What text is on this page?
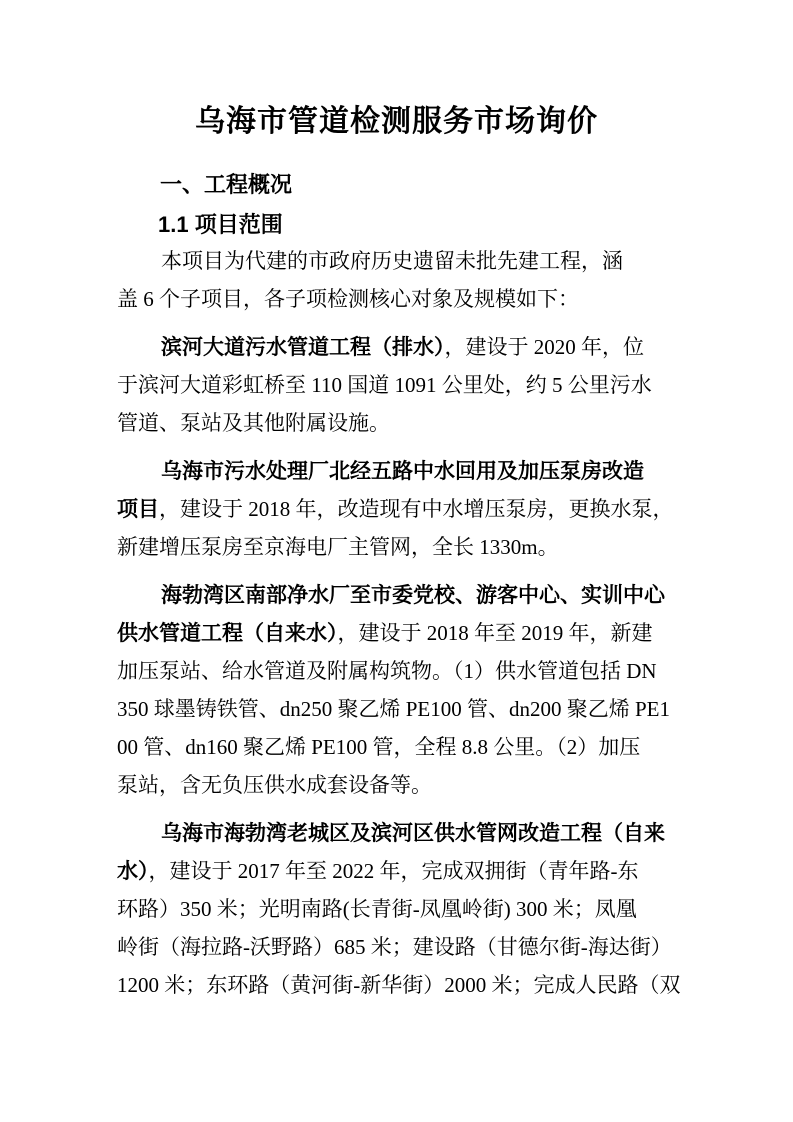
乌海市管道检测服务市场询价
一、工程概况
1.1 项目范围

本项目为代建的市政府历史遗留未批先建工程，涵
盖 6 个子项目，各子项检测核心对象及规模如下：

滨河大道污水管道工程（排水），建设于 2020 年，位
于滨河大道彩虹桥至 110 国道 1091 公里处，约 5 公里污水
管道、泵站及其他附属设施。

乌海市污水处理厂北经五路中水回用及加压泵房改造
项目，建设于 2018 年，改造现有中水增压泵房，更换水泵，
新建增压泵房至京海电厂主管网，全长 1330m。

海勃湾区南部净水厂至市委党校、游客中心、实训中心
供水管道工程（自来水），建设于 2018 年至 2019 年，新建
加压泵站、给水管道及附属构筑物。（1）供水管道包括 DN
350 球墨铸铁管、dn250 聚乙烯 PE100 管、dn200 聚乙烯 PE1
00 管、dn160 聚乙烯 PE100 管，全程 8.8 公里。（2）加压
泵站，含无负压供水成套设备等。

乌海市海勃湾老城区及滨河区供水管网改造工程（自来
水），建设于 2017 年至 2022 年，完成双拥街（青年路-东
环路）350 米；光明南路(长青街-凤凰岭街) 300 米；凤凰
岭街（海拉路-沃野路）685 米；建设路（甘德尔街-海达街）
1200 米；东环路（黄河街-新华街）2000 米；完成人民路（双
